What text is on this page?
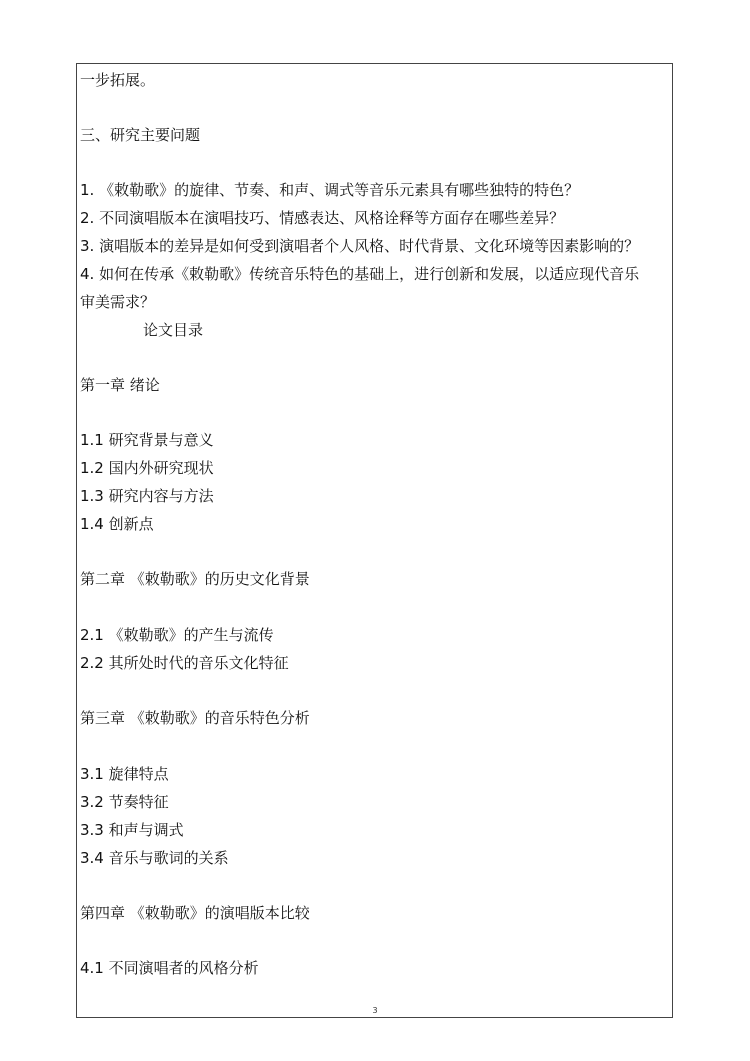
一步拓展。
三、研究主要问题
1. 《敕勒歌》的旋律、节奏、和声、调式等音乐元素具有哪些独特的特色？
2. 不同演唱版本在演唱技巧、情感表达、风格诠释等方面存在哪些差异？
3. 演唱版本的差异是如何受到演唱者个人风格、时代背景、文化环境等因素影响的？
4. 如何在传承《敕勒歌》传统音乐特色的基础上，进行创新和发展，以适应现代音乐
审美需求？
论文目录
第一章 绪论
1.1 研究背景与意义
1.2 国内外研究现状
1.3 研究内容与方法
1.4 创新点
第二章 《敕勒歌》的历史文化背景
2.1 《敕勒歌》的产生与流传
2.2 其所处时代的音乐文化特征
第三章 《敕勒歌》的音乐特色分析
3.1 旋律特点
3.2 节奏特征
3.3 和声与调式
3.4 音乐与歌词的关系
第四章 《敕勒歌》的演唱版本比较
4.1 不同演唱者的风格分析
3
